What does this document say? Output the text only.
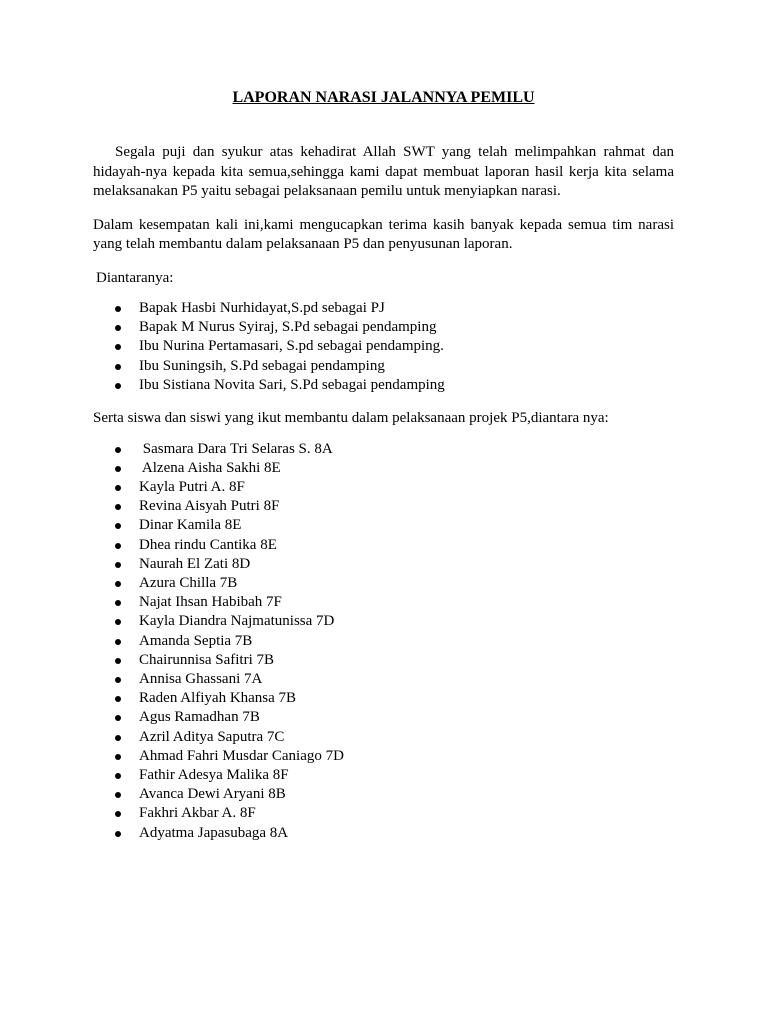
LAPORAN NARASI JALANNYA PEMILU

Segala puji dan syukur atas kehadirat Allah SWT yang telah melimpahkan rahmat dan hidayah-nya kepada kita semua,sehingga kami dapat membuat laporan hasil kerja kita selama melaksanakan P5 yaitu sebagai pelaksanaan pemilu untuk menyiapkan narasi.

Dalam kesempatan kali ini,kami mengucapkan terima kasih banyak kepada semua tim narasi yang telah membantu dalam pelaksanaan P5 dan penyusunan laporan.

Diantaranya:

Bapak Hasbi Nurhidayat,S.pd sebagai PJ
Bapak M Nurus Syiraj, S.Pd sebagai pendamping
Ibu Nurina Pertamasari, S.pd sebagai pendamping.
Ibu Suningsih, S.Pd sebagai pendamping
Ibu Sistiana Novita Sari, S.Pd sebagai pendamping

Serta siswa dan siswi yang ikut membantu dalam pelaksanaan projek P5,diantara nya:

Sasmara Dara Tri Selaras S. 8A
Alzena Aisha Sakhi 8E
Kayla Putri A. 8F
Revina Aisyah Putri 8F
Dinar Kamila 8E
Dhea rindu Cantika 8E
Naurah El Zati 8D
Azura Chilla 7B
Najat Ihsan Habibah 7F
Kayla Diandra Najmatunissa 7D
Amanda Septia 7B
Chairunnisa Safitri 7B
Annisa Ghassani 7A
Raden Alfiyah Khansa 7B
Agus Ramadhan 7B
Azril Aditya Saputra 7C
Ahmad Fahri Musdar Caniago 7D
Fathir Adesya Malika 8F
Avanca Dewi Aryani 8B
Fakhri Akbar A. 8F
Adyatma Japasubaga 8A
